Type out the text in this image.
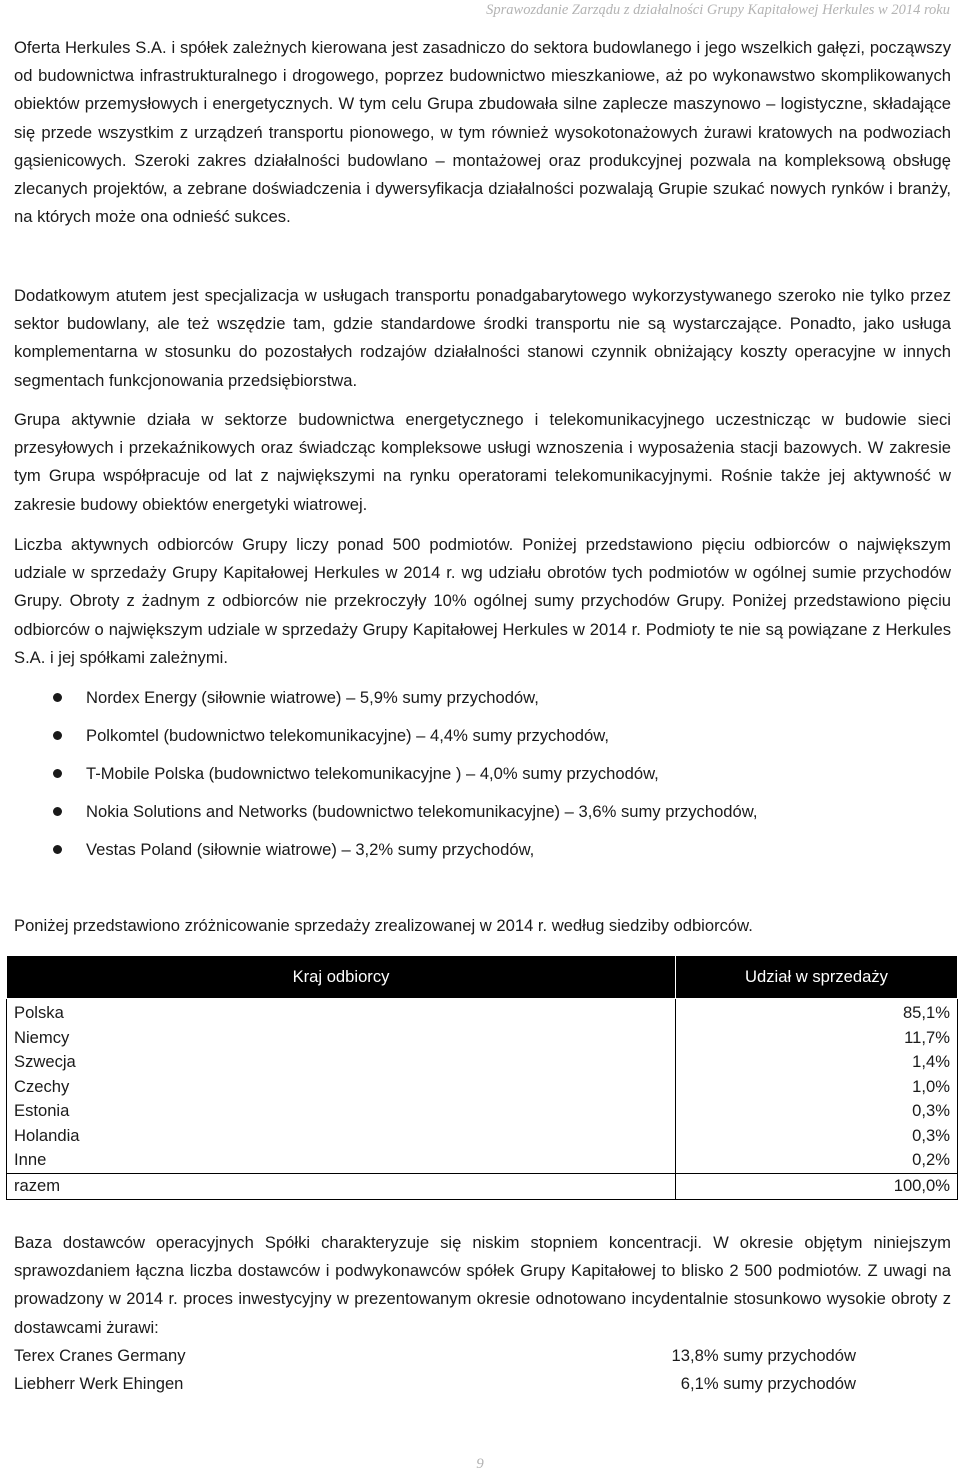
Sprawozdanie Zarządu z działalności Grupy Kapitałowej Herkules w 2014 roku

Oferta Herkules S.A. i spółek zależnych kierowana jest zasadniczo do sektora budowlanego i jego wszelkich gałęzi, począwszy od budownictwa infrastrukturalnego i drogowego, poprzez budownictwo mieszkaniowe, aż po wykonawstwo skomplikowanych obiektów przemysłowych i energetycznych. W tym celu Grupa zbudowała silne zaplecze maszynowo – logistyczne, składające się przede wszystkim z urządzeń transportu pionowego, w tym również wysokotonażowych żurawi kratowych na podwoziach gąsienicowych. Szeroki zakres działalności budowlano – montażowej oraz produkcyjnej pozwala na kompleksową obsługę zlecanych projektów, a zebrane doświadczenia i dywersyfikacja działalności pozwalają Grupie szukać nowych rynków i branży, na których może ona odnieść sukces.

Dodatkowym atutem jest specjalizacja w usługach transportu ponadgabarytowego wykorzystywanego szeroko nie tylko przez sektor budowlany, ale też wszędzie tam, gdzie standardowe środki transportu nie są wystarczające. Ponadto, jako usługa komplementarna w stosunku do pozostałych rodzajów działalności stanowi czynnik obniżający koszty operacyjne w innych segmentach funkcjonowania przedsiębiorstwa.

Grupa aktywnie działa w sektorze budownictwa energetycznego i telekomunikacyjnego uczestnicząc w budowie sieci przesyłowych i przekaźnikowych oraz świadcząc kompleksowe usługi wznoszenia i wyposażenia stacji bazowych. W zakresie tym Grupa współpracuje od lat z największymi na rynku operatorami telekomunikacyjnymi. Rośnie także jej aktywność w zakresie budowy obiektów energetyki wiatrowej.

Liczba aktywnych odbiorców Grupy liczy ponad 500 podmiotów. Poniżej przedstawiono pięciu odbiorców o największym udziale w sprzedaży Grupy Kapitałowej Herkules w 2014 r. wg udziału obrotów tych podmiotów w ogólnej sumie przychodów Grupy. Obroty z żadnym z odbiorców nie przekroczyły 10% ogólnej sumy przychodów Grupy. Poniżej przedstawiono pięciu odbiorców o największym udziale w sprzedaży Grupy Kapitałowej Herkules w 2014 r. Podmioty te nie są powiązane z Herkules S.A. i jej spółkami zależnymi.

Nordex Energy (siłownie wiatrowe) – 5,9% sumy przychodów,
Polkomtel (budownictwo telekomunikacyjne) – 4,4% sumy przychodów,
T-Mobile Polska (budownictwo telekomunikacyjne ) – 4,0% sumy przychodów,
Nokia Solutions and Networks (budownictwo telekomunikacyjne) – 3,6% sumy przychodów,
Vestas Poland (siłownie wiatrowe) – 3,2% sumy przychodów,

Poniżej przedstawiono zróżnicowanie sprzedaży zrealizowanej w 2014 r. według siedziby odbiorców.

Kraj odbiorcy	Udział w sprzedaży
Polska	85,1%
Niemcy	11,7%
Szwecja	1,4%
Czechy	1,0%
Estonia	0,3%
Holandia	0,3%
Inne	0,2%
razem	100,0%

Baza dostawców operacyjnych Spółki charakteryzuje się niskim stopniem koncentracji. W okresie objętym niniejszym sprawozdaniem łączna liczba dostawców i podwykonawców spółek Grupy Kapitałowej to blisko 2 500 podmiotów. Z uwagi na prowadzony w 2014 r. proces inwestycyjny w prezentowanym okresie odnotowano incydentalnie stosunkowo wysokie obroty z dostawcami żurawi:

Terex Cranes Germany	13,8% sumy przychodów
Liebherr Werk Ehingen	6,1% sumy przychodów
9
